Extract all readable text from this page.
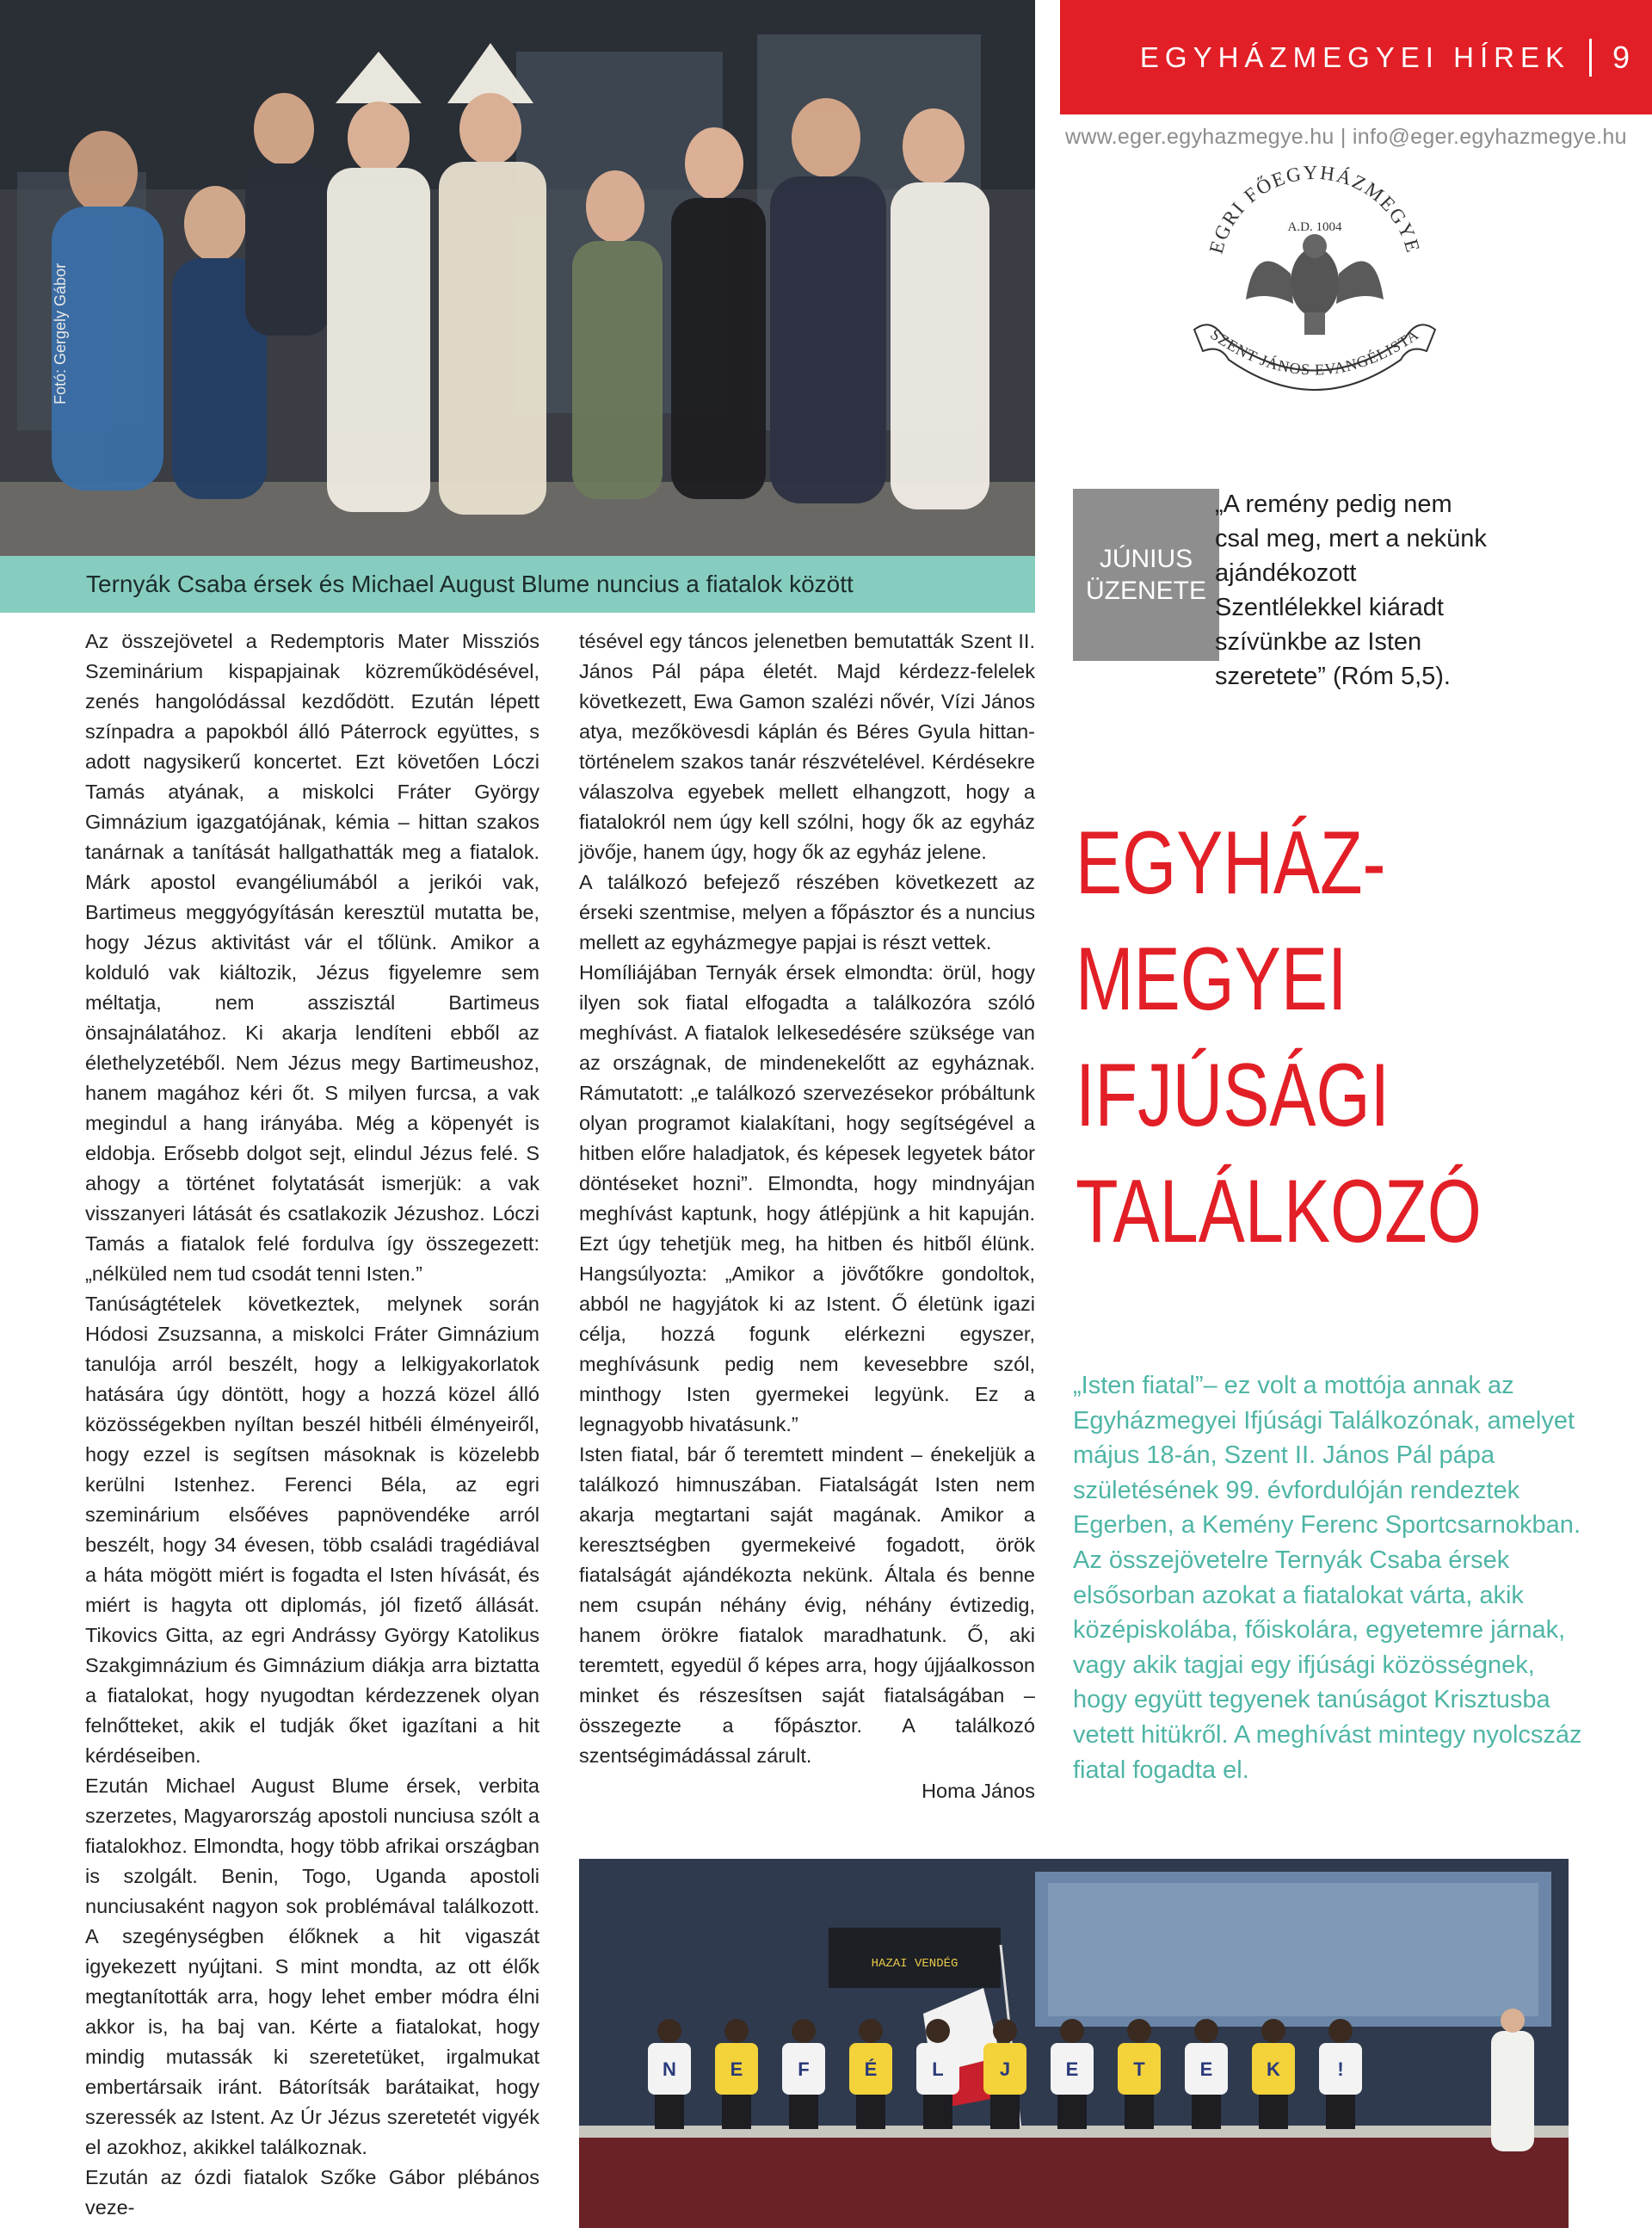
Fotó: Gergely Gábor
Ternyák Csaba érsek és Michael August Blume nuncius a fiatalok között
EGYHÁZMEGYEI HÍREK 9
www.eger.egyhazmegye.hu | info@eger.egyhazmegye.hu
EGRI FŐEGYHÁZMEGYE
A.D. 1004
SZENT JÁNOS EVANGÉLISTA
JÚNIUS
ÜZENETE
„A remény pedig nem csal meg, mert a nekünk ajándékozott Szentlélekkel kiáradt szívünkbe az Isten szeretete” (Róm 5,5).
EGYHÁZ-
MEGYEI
IFJÚSÁGI
TALÁLKOZÓ
„Isten fiatal”– ez volt a mottója annak az Egyházmegyei Ifjúsági Találkozónak, amelyet május 18-án, Szent II. János Pál pápa születésének 99. évfordulóján rendeztek Egerben, a Kemény Ferenc Sportcsarnokban. Az összejövetelre Ternyák Csaba érsek elsősorban azokat a fiatalokat várta, akik középiskolába, főiskolára, egyetemre járnak, vagy akik tagjai egy ifjúsági közösségnek, hogy együtt tegyenek tanúságot Krisztusba vetett hitükről. A meghívást mintegy nyolcszáz fiatal fogadta el.

Az összejövetel a Redemptoris Mater Missziós Szeminárium kispapjainak közreműködésével, zenés hangolódással kezdődött. Ezután lépett színpadra a papokból álló Páterrock együttes, s adott nagysikerű koncertet. Ezt követően Lóczi Tamás atyának, a miskolci Fráter György Gimnázium igazgatójának, kémia – hittan szakos tanárnak a tanítását hallgathatták meg a fiatalok. Márk apostol evangéliumából a jerikói vak, Bartimeus meggyógyításán keresztül mutatta be, hogy Jézus aktivitást vár el tőlünk. Amikor a kolduló vak kiáltozik, Jézus figyelemre sem méltatja, nem asszisztál Bartimeus önsajnálatához. Ki akarja lendíteni ebből az élethelyzetéből. Nem Jézus megy Bartimeushoz, hanem magához kéri őt. S milyen furcsa, a vak megindul a hang irányába. Még a köpenyét is eldobja. Erősebb dolgot sejt, elindul Jézus felé. S ahogy a történet folytatását ismerjük: a vak visszanyeri látását és csatlakozik Jézushoz. Lóczi Tamás a fiatalok felé fordulva így összegezett: „nélküled nem tud csodát tenni Isten.”

Tanúságtételek következtek, melynek során Hódosi Zsuzsanna, a miskolci Fráter Gimnázium tanulója arról beszélt, hogy a lelkigyakorlatok hatására úgy döntött, hogy a hozzá közel álló közösségekben nyíltan beszél hitbéli élményeiről, hogy ezzel is segítsen másoknak is közelebb kerülni Istenhez. Ferenci Béla, az egri szeminárium elsőéves papnövendéke arról beszélt, hogy 34 évesen, több családi tragédiával a háta mögött miért is fogadta el Isten hívását, és miért is hagyta ott diplomás, jól fizető állását. Tikovics Gitta, az egri Andrássy György Katolikus Szakgimnázium és Gimnázium diákja arra biztatta a fiatalokat, hogy nyugodtan kérdezzenek olyan felnőtteket, akik el tudják őket igazítani a hit kérdéseiben.

Ezután Michael August Blume érsek, verbita szerzetes, Magyarország apostoli nunciusa szólt a fiatalokhoz. Elmondta, hogy több afrikai országban is szolgált. Benin, Togo, Uganda apostoli nunciusaként nagyon sok problémával találkozott. A szegénységben élőknek a hit vigaszát igyekezett nyújtani. S mint mondta, az ott élők megtanították arra, hogy lehet ember módra élni akkor is, ha baj van. Kérte a fiatalokat, hogy mindig mutassák ki szeretetüket, irgalmukat embertársaik iránt. Bátorítsák barátaikat, hogy szeressék az Istent. Az Úr Jézus szeretetét vigyék el azokhoz, akikkel találkoznak.

Ezután az ózdi fiatalok Szőke Gábor plébános veze-

tésével egy táncos jelenetben bemutatták Szent II. János Pál pápa életét. Majd kérdezz-felelek következett, Ewa Gamon szalézi nővér, Vízi János atya, mezőkövesdi káplán és Béres Gyula hittan-történelem szakos tanár részvételével. Kérdésekre válaszolva egyebek mellett elhangzott, hogy a fiatalokról nem úgy kell szólni, hogy ők az egyház jövője, hanem úgy, hogy ők az egyház jelene.

A találkozó befejező részében következett az érseki szentmise, melyen a főpásztor és a nuncius mellett az egyházmegye papjai is részt vettek.

Homíliájában Ternyák érsek elmondta: örül, hogy ilyen sok fiatal elfogadta a találkozóra szóló meghívást. A fiatalok lelkesedésére szüksége van az országnak, de mindenekelőtt az egyháznak. Rámutatott: „e találkozó szervezésekor próbáltunk olyan programot kialakítani, hogy segítségével a hitben előre haladjatok, és képesek legyetek bátor döntéseket hozni”. Elmondta, hogy mindnyájan meghívást kaptunk, hogy átlépjünk a hit kapuján. Ezt úgy tehetjük meg, ha hitben és hitből élünk. Hangsúlyozta: „Amikor a jövőtőkre gondoltok, abból ne hagyjátok ki az Istent. Ő életünk igazi célja, hozzá fogunk elérkezni egyszer, meghívásunk pedig nem kevesebbre szól, minthogy Isten gyermekei legyünk. Ez a legnagyobb hivatásunk.”

Isten fiatal, bár ő teremtett mindent – énekeljük a találkozó himnuszában. Fiatalságát Isten nem akarja megtartani saját magának. Amikor a keresztségben gyermekeivé fogadott, örök fiatalságát ajándékozta nekünk. Általa és benne nem csupán néhány évig, néhány évtizedig, hanem örökre fiatalok maradhatunk. Ő, aki teremtett, egyedül ő képes arra, hogy újjáalkosson minket és részesítsen saját fiatalságában – összegezte a főpásztor. A találkozó szentségimádással zárult.

Homa János
HAZAI VENDÉG
N	E	F	É	L	J	E	T	E	K	!
